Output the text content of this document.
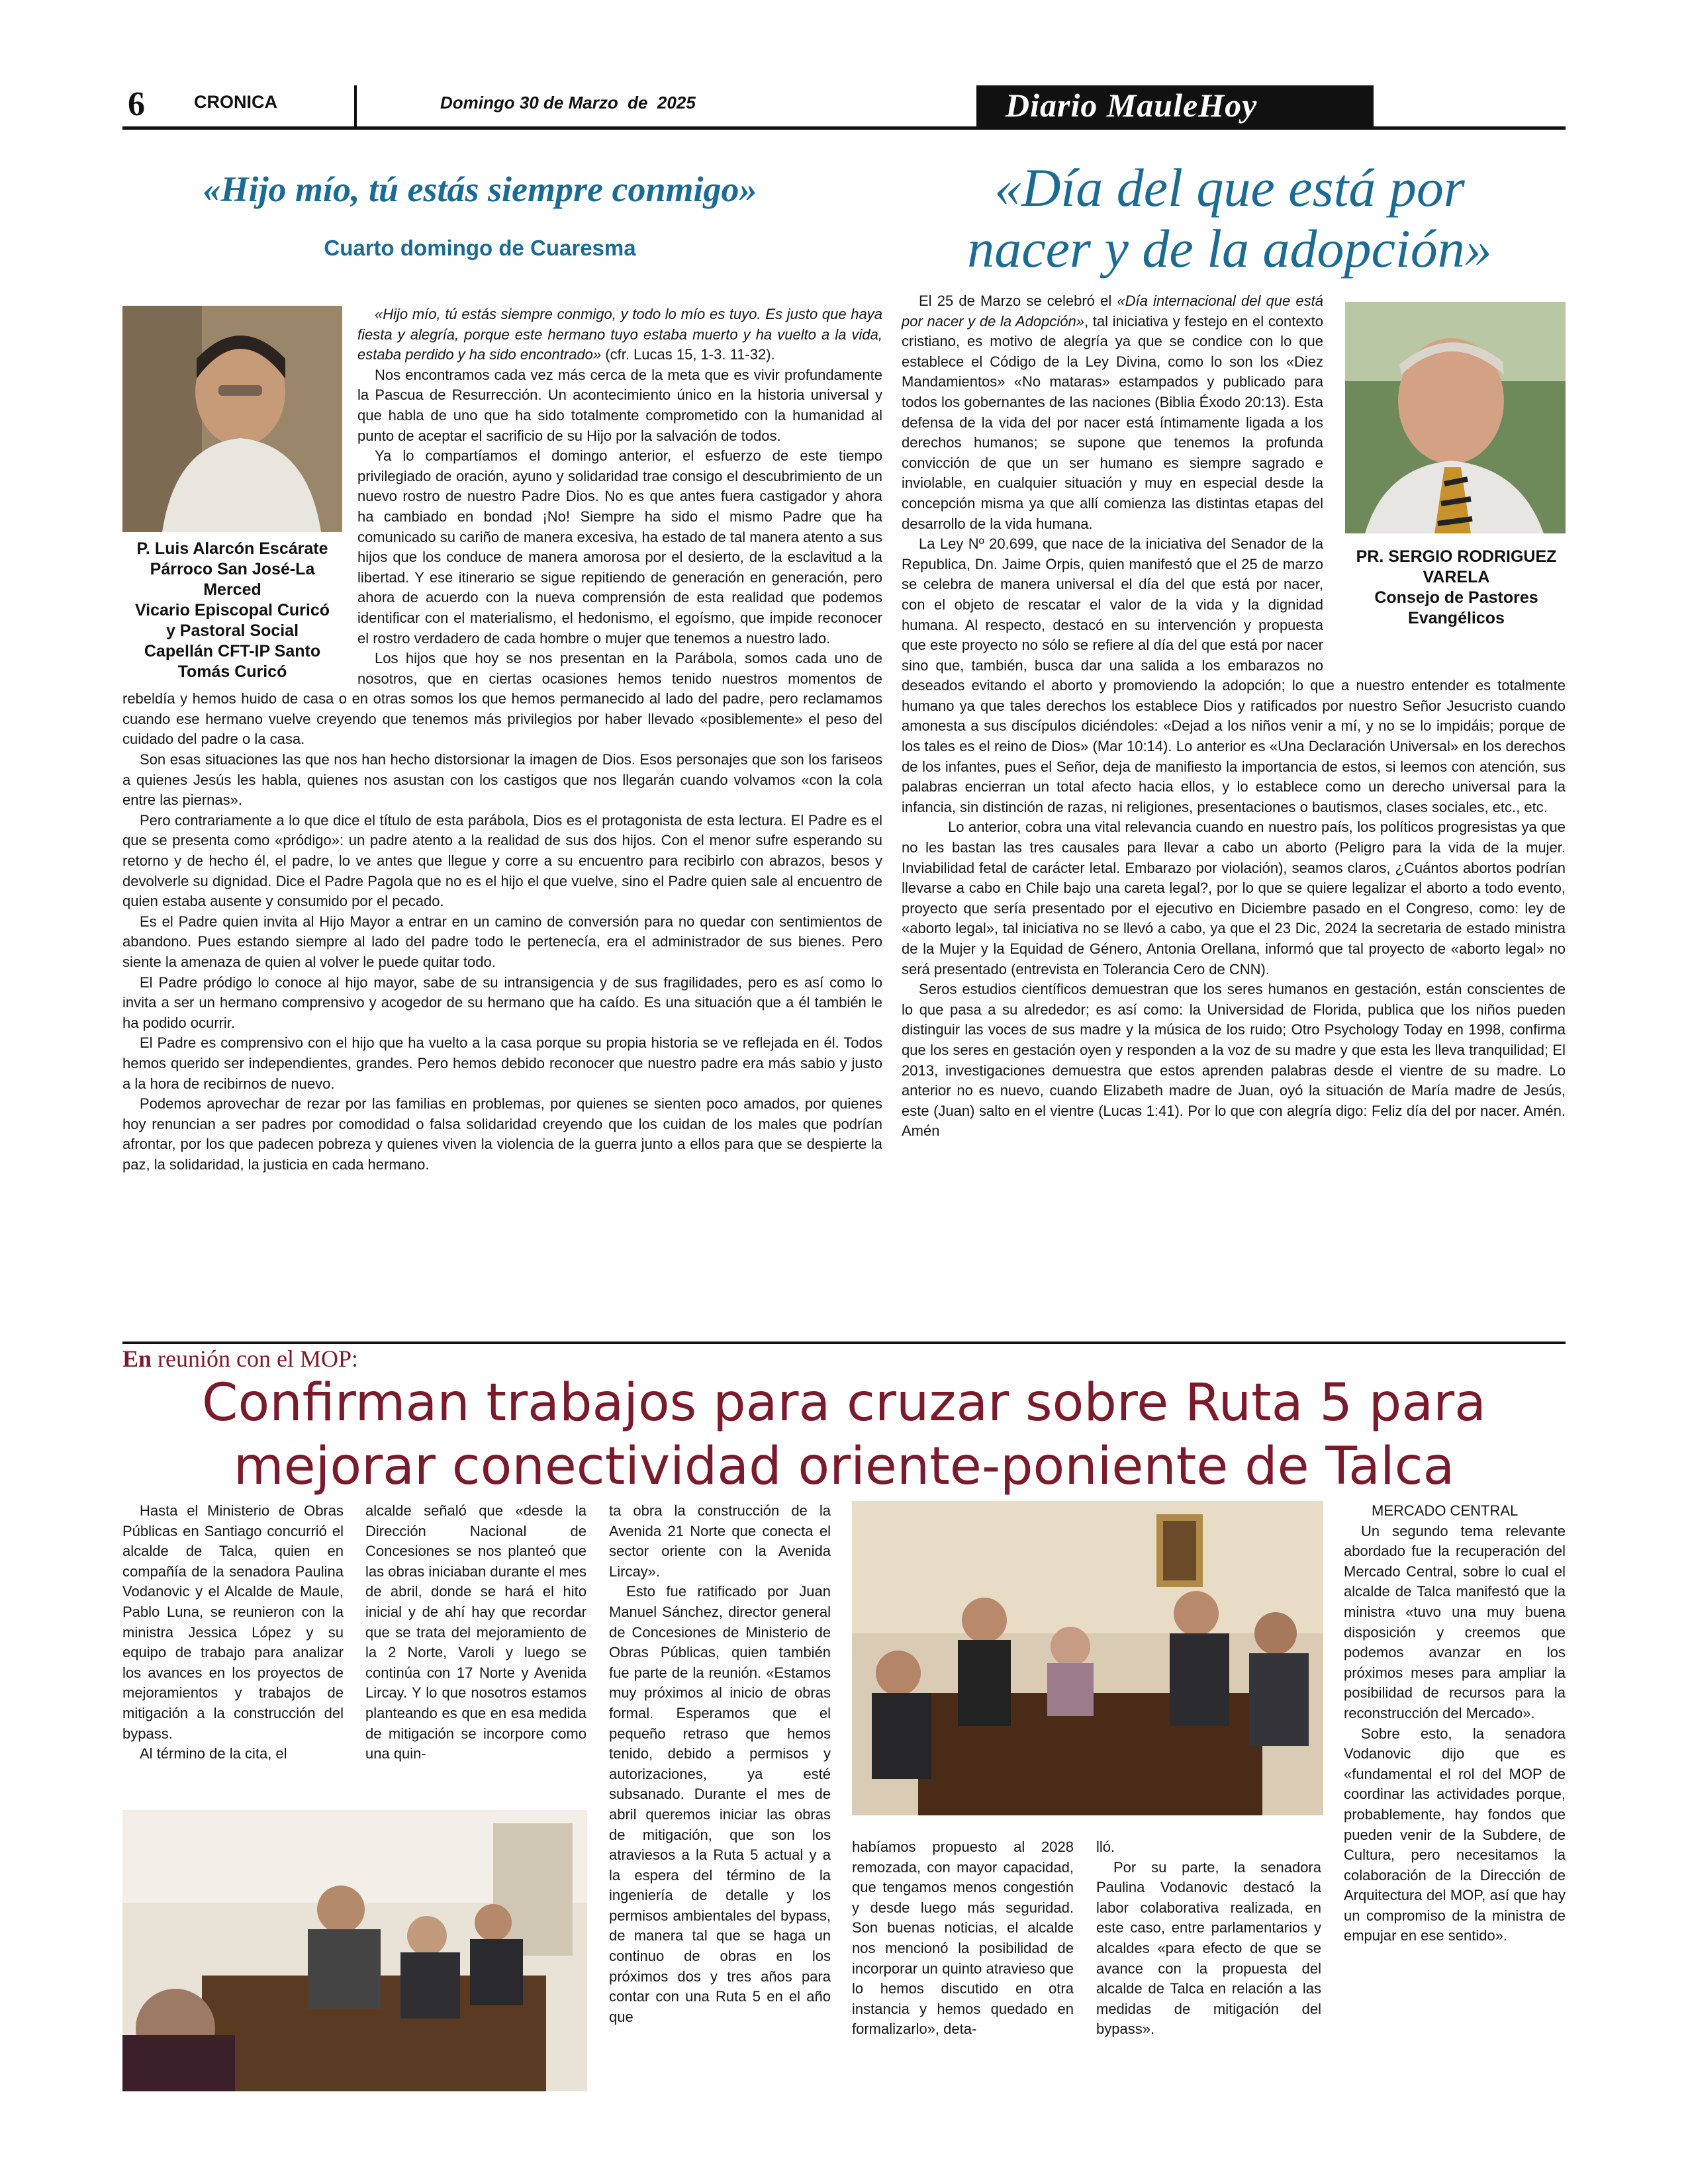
6	CRONICA	Domingo 30 de Marzo  de  2025	Diario MauleHoy
«Hijo mío, tú estás siempre conmigo»
Cuarto domingo de Cuaresma
P. Luis Alarcón Escárate
Párroco San José-La
Merced
Vicario Episcopal Curicó
y Pastoral Social
Capellán CFT-IP Santo
Tomás Curicó

«Hijo mío, tú estás siempre conmigo, y todo lo mío es tuyo. Es justo que haya fiesta y alegría, porque este hermano tuyo estaba muerto y ha vuelto a la vida, estaba perdido y ha sido encontrado» (cfr. Lucas 15, 1-3. 11-32).

Nos encontramos cada vez más cerca de la meta que es vivir profundamente la Pascua de Resurrección. Un acontecimiento único en la historia universal y que habla de uno que ha sido totalmente comprometido con la humanidad al punto de aceptar el sacrificio de su Hijo por la salvación de todos.

Ya lo compartíamos el domingo anterior, el esfuerzo de este tiempo privilegiado de oración, ayuno y solidaridad trae consigo el descubrimiento de un nuevo rostro de nuestro Padre Dios. No es que antes fuera castigador y ahora ha cambiado en bondad ¡No! Siempre ha sido el mismo Padre que ha comunicado su cariño de manera excesiva, ha estado de tal manera atento a sus hijos que los conduce de manera amorosa por el desierto, de la esclavitud a la libertad. Y ese itinerario se sigue repitiendo de generación en generación, pero ahora de acuerdo con la nueva comprensión de esta realidad que podemos identificar con el materialismo, el hedonismo, el egoísmo, que impide reconocer el rostro verdadero de cada hombre o mujer que tenemos a nuestro lado.

Los hijos que hoy se nos presentan en la Parábola, somos cada uno de nosotros, que en ciertas ocasiones hemos tenido nuestros momentos de rebeldía y hemos huido de casa o en otras somos los que hemos permanecido al lado del padre, pero reclamamos cuando ese hermano vuelve creyendo que tenemos más privilegios por haber llevado «posiblemente» el peso del cuidado del padre o la casa.

Son esas situaciones las que nos han hecho distorsionar la imagen de Dios. Esos personajes que son los fariseos a quienes Jesús les habla, quienes nos asustan con los castigos que nos llegarán cuando volvamos «con la cola entre las piernas».

Pero contrariamente a lo que dice el título de esta parábola, Dios es el protagonista de esta lectura. El Padre es el que se presenta como «pródigo»: un padre atento a la realidad de sus dos hijos. Con el menor sufre esperando su retorno y de hecho él, el padre, lo ve antes que llegue y corre a su encuentro para recibirlo con abrazos, besos y devolverle su dignidad. Dice el Padre Pagola que no es el hijo el que vuelve, sino el Padre quien sale al encuentro de quien estaba ausente y consumido por el pecado.

Es el Padre quien invita al Hijo Mayor a entrar en un camino de conversión para no quedar con sentimientos de abandono. Pues estando siempre al lado del padre todo le pertenecía, era el administrador de sus bienes. Pero siente la amenaza de quien al volver le puede quitar todo.

El Padre pródigo lo conoce al hijo mayor, sabe de su intransigencia y de sus fragilidades, pero es así como lo invita a ser un hermano comprensivo y acogedor de su hermano que ha caído. Es una situación que a él también le ha podido ocurrir.

El Padre es comprensivo con el hijo que ha vuelto a la casa porque su propia historia se ve reflejada en él. Todos hemos querido ser independientes, grandes. Pero hemos debido reconocer que nuestro padre era más sabio y justo a la hora de recibirnos de nuevo.

Podemos aprovechar de rezar por las familias en problemas, por quienes se sienten poco amados, por quienes hoy renuncian a ser padres por comodidad o falsa solidaridad creyendo que los cuidan de los males que podrían afrontar, por los que padecen pobreza y quienes viven la violencia de la guerra junto a ellos para que se despierte la paz, la solidaridad, la justicia en cada hermano.

«Día del que está por
nacer y de la adopción»
PR. SERGIO RODRIGUEZ
VARELA
Consejo de Pastores
Evangélicos

El 25 de Marzo se celebró el «Día internacional del que está por nacer y de la Adopción», tal iniciativa y festejo en el contexto cristiano, es motivo de alegría ya que se condice con lo que establece el Código de la Ley Divina, como lo son los «Diez Mandamientos» «No mataras» estampados y publicado para todos los gobernantes de las naciones (Biblia Éxodo 20:13). Esta defensa de la vida del por nacer está íntimamente ligada a los derechos humanos; se supone que tenemos la profunda convicción de que un ser humano es siempre sagrado e inviolable, en cualquier situación y muy en especial desde la concepción misma ya que allí comienza las distintas etapas del desarrollo de la vida humana.

La Ley Nº 20.699, que nace de la iniciativa del Senador de la Republica, Dn. Jaime Orpis, quien manifestó que el 25 de marzo se celebra de manera universal el día del que está por nacer, con el objeto de rescatar el valor de la vida y la dignidad humana. Al respecto, destacó en su intervención y propuesta que este proyecto no sólo se refiere al día del que está por nacer sino que, también, busca dar una salida a los embarazos no deseados evitando el aborto y promoviendo la adopción; lo que a nuestro entender es totalmente humano ya que tales derechos los establece Dios y ratificados por nuestro Señor Jesucristo cuando amonesta a sus discípulos diciéndoles: «Dejad a los niños venir a mí, y no se lo impidáis; porque de los tales es el reino de Dios» (Mar 10:14). Lo anterior es «Una Declaración Universal» en los derechos de los infantes, pues el Señor, deja de manifiesto la importancia de estos, si leemos con atención, sus palabras encierran un total afecto hacia ellos, y lo establece como un derecho universal para la infancia, sin distinción de razas, ni religiones, presentaciones o bautismos, clases sociales, etc., etc.

Lo anterior, cobra una vital relevancia cuando en nuestro país, los políticos progresistas ya que no les bastan las tres causales para llevar a cabo un aborto (Peligro para la vida de la mujer. Inviabilidad fetal de carácter letal. Embarazo por violación), seamos claros, ¿Cuántos abortos podrían llevarse a cabo en Chile bajo una careta legal?, por lo que se quiere legalizar el aborto a todo evento, proyecto que sería presentado por el ejecutivo en Diciembre pasado en el Congreso, como: ley de «aborto legal», tal iniciativa no se llevó a cabo, ya que el 23 Dic, 2024 la secretaria de estado ministra de la Mujer y la Equidad de Género, Antonia Orellana, informó que tal proyecto de «aborto legal» no será presentado (entrevista en Tolerancia Cero de CNN).

Seros estudios científicos demuestran que los seres humanos en gestación, están conscientes de lo que pasa a su alrededor; es así como: la Universidad de Florida, publica que los niños pueden distinguir las voces de sus madre y la música de los ruido; Otro Psychology Today en 1998, confirma que los seres en gestación oyen y responden a la voz de su madre y que esta les lleva tranquilidad; El 2013, investigaciones demuestra que estos aprenden palabras desde el vientre de su madre. Lo anterior no es nuevo, cuando Elizabeth madre de Juan, oyó la situación de María madre de Jesús, este (Juan) salto en el vientre (Lucas 1:41). Por lo que con alegría digo: Feliz día del por nacer. Amén. Amén

En reunión con el MOP:
Confirman trabajos para cruzar sobre Ruta 5 para
mejorar conectividad oriente-poniente de Talca

Hasta el Ministerio de Obras Públicas en Santiago concurrió el alcalde de Talca, quien en compañía de la senadora Paulina Vodanovic y el Alcalde de Maule, Pablo Luna, se reunieron con la ministra Jessica López y su equipo de trabajo para analizar los avances en los proyectos de mejoramientos y trabajos de mitigación a la construcción del bypass.

Al término de la cita, el

alcalde señaló que «desde la Dirección Nacional de Concesiones se nos planteó que las obras iniciaban durante el mes de abril, donde se hará el hito inicial y de ahí hay que recordar que se trata del mejoramiento de la 2 Norte, Varoli y luego se continúa con 17 Norte y Avenida Lircay. Y lo que nosotros estamos planteando es que en esa medida de mitigación se incorpore como una quin-

ta obra la construcción de la Avenida 21 Norte que conecta el sector oriente con la Avenida Lircay».

Esto fue ratificado por Juan Manuel Sánchez, director general de Concesiones de Ministerio de Obras Públicas, quien también fue parte de la reunión. «Estamos muy próximos al inicio de obras formal. Esperamos que el pequeño retraso que hemos tenido, debido a permisos y autorizaciones, ya esté subsanado. Durante el mes de abril queremos iniciar las obras de mitigación, que son los atraviesos a la Ruta 5 actual y a la espera del término de la ingeniería de detalle y los permisos ambientales del bypass, de manera tal que se haga un continuo de obras en los próximos dos y tres años para contar con una Ruta 5 en el año que

habíamos propuesto al 2028 remozada, con mayor capacidad, que tengamos menos congestión y desde luego más seguridad. Son buenas noticias, el alcalde nos mencionó la posibilidad de incorporar un quinto atravieso que lo hemos discutido en otra instancia y hemos quedado en formalizarlo», deta-

lló.

Por su parte, la senadora Paulina Vodanovic destacó la labor colaborativa realizada, en este caso, entre parlamentarios y alcaldes «para efecto de que se avance con la propuesta del alcalde de Talca en relación a las medidas de mitigación del bypass».

MERCADO CENTRAL

Un segundo tema relevante abordado fue la recuperación del Mercado Central, sobre lo cual el alcalde de Talca manifestó que la ministra «tuvo una muy buena disposición y creemos que podemos avanzar en los próximos meses para ampliar la posibilidad de recursos para la reconstrucción del Mercado».

Sobre esto, la senadora Vodanovic dijo que es «fundamental el rol del MOP de coordinar las actividades porque, probablemente, hay fondos que pueden venir de la Subdere, de Cultura, pero necesitamos la colaboración de la Dirección de Arquitectura del MOP, así que hay un compromiso de la ministra de empujar en ese sentido».
